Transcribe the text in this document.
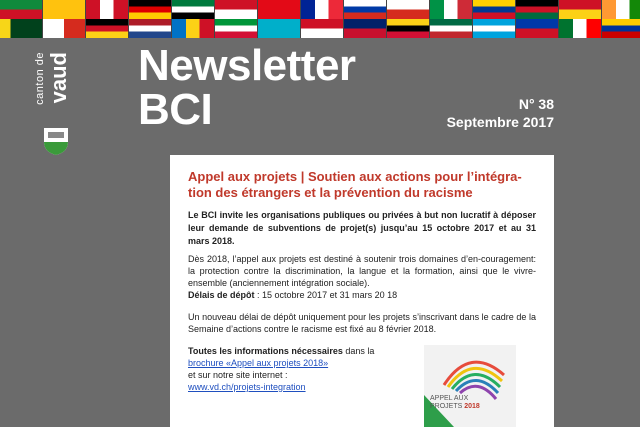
canton de vaud Newsletter
BCI	N° 38
Septembre 2017
Appel aux projets | Soutien aux actions pour l’intégra-tion des étrangers et la prévention du racisme

Le BCI invite les organisations publiques ou privées à but non lucratif à déposer leur demande de subventions de projet(s) jusqu’au 15 octobre 2017 et au 31 mars 2018.

Dès 2018, l’appel aux projets est destiné à soutenir trois domaines d’en-couragement: la protection contre la discrimination, la langue et la formation, ainsi que le vivre-ensemble (anciennement intégration sociale).

Délais de dépôt : 15 octobre 2017 et 31 mars 20 18

Un nouveau délai de dépôt uniquement pour les projets s’inscrivant dans le cadre de la Semaine d’actions contre le racisme est fixé au 8 février 2018.

Toutes les informations nécessaires dans la
brochure «Appel aux projets 2018»
et sur notre site internet :
www.vd.ch/projets-integration

APPEL AUX
PROJETS 2018
